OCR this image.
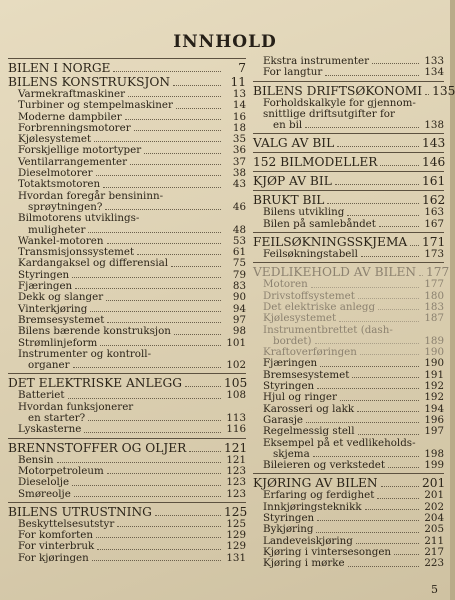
INNHOLD
BILEN I NORGE	7
BILENS KONSTRUKSJON	11
Varmekraftmaskiner	13
Turbiner og stempelmaskiner	14
Moderne dampbiler	16
Forbrenningsmotorer	18
Kjølesystemet	35
Forskjellige motortyper	36
Ventilarrangementer	37
Dieselmotorer	38
Totaktsmotoren	43
Hvordan foregår bensininn-
sprøytningen?	46
Bilmotorens utviklings-
muligheter	48
Wankel-motoren	53
Transmisjonssystemet	61
Kardangaksel og differensial	75
Styringen	79
Fjæringen	83
Dekk og slanger	90
Vinterkjøring	94
Bremsesystemet	97
Bilens bærende konstruksjon	98
Strømlinjeform	101
Instrumenter og kontroll-
organer	102
DET ELEKTRISKE ANLEGG	105
Batteriet	108
Hvordan funksjonerer
en starter?	113
Lyskasterne	116
BRENNSTOFFER OG OLJER	121
Bensin	121
Motorpetroleum	123
Dieselolje	123
Smøreolje	123
BILENS UTRUSTNING	125
Beskyttelsesutstyr	125
For komforten	129
For vinterbruk	129
For kjøringen	131
Ekstra instrumenter	133
For langtur	134
BILENS DRIFTSØKONOMI 135
Forholdskalkyle for gjennom-
snittlige driftsutgifter for
en bil	138
VALG AV BIL	143
152 BILMODELLER	146
KJØP AV BIL	161
BRUKT BIL	162
Bilens utvikling	163
Bilen på samlebåndet	167
FEILSØKNINGSSKJEMA 171
Feilsøkningstabell	173
VEDLIKEHOLD AV BILEN 177
Motoren	177
Drivstoffsystemet	180
Det elektriske anlegg	183
Kjølesystemet	187
Instrumentbrettet (dash-
bordet)	189
Kraftoverføringen	190
Fjæringen	190
Bremsesystemet	191
Styringen	192
Hjul og ringer	192
Karosseri og lakk	194
Garasje	196
Regelmessig stell	197
Eksempel på et vedlikeholds-
skjema	198
Bileieren og verkstedet	199
KJØRING AV BILEN	201
Erfaring og ferdighet	201
Innkjøringsteknikk	202
Styringen	204
Bykjøring	205
Landeveiskjøring	211
Kjøring i vintersesongen	217
Kjøring i mørke	223
5
